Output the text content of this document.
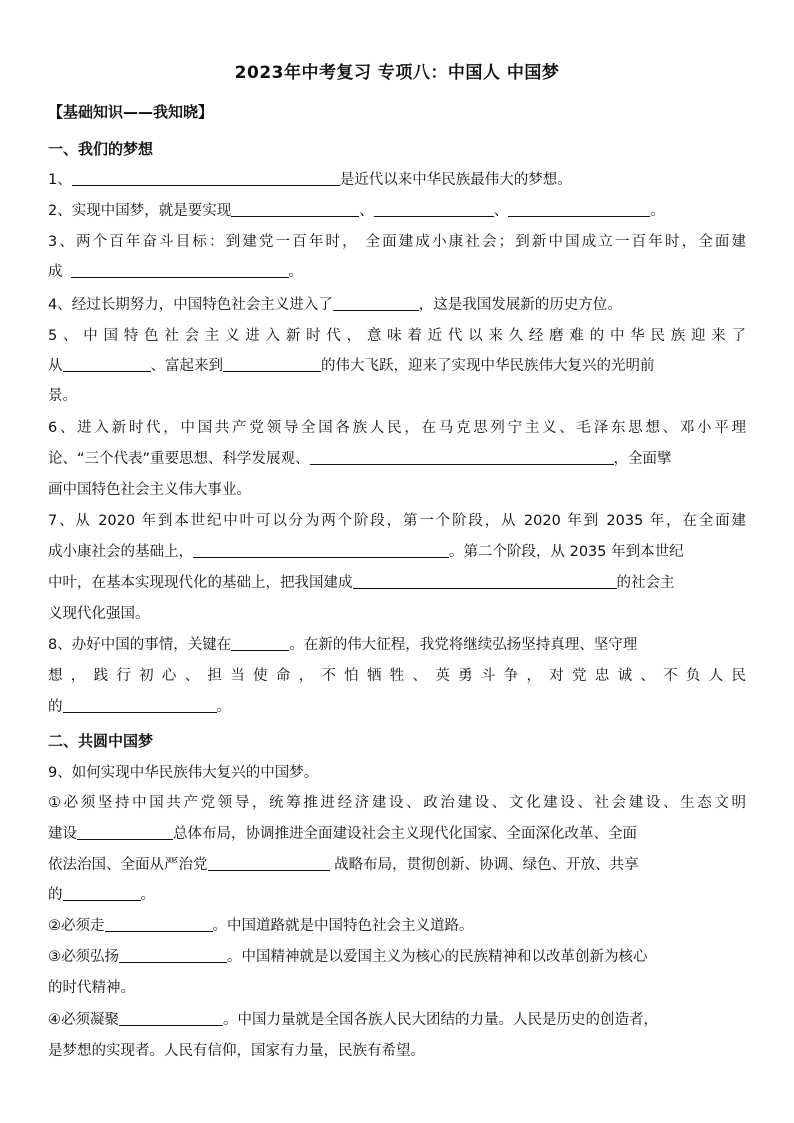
2023年中考复习 专项八：中国人 中国梦
【基础知识——我知晓】
一、我们的梦想
1、	是近代以来中华民族最伟大的梦想。
2、实现中国梦，就是要实现	、	、	。
3、两个百年奋斗目标：到建党一百年时， 全面建成小康社会；到新中国成立一百年时，全面建
成	。
4、经过长期努力，中国特色社会主义进入了	，这是我国发展新的历史方位。
5、中国特色社会主义进入新时代，意味着近代以来久经磨难的中华民族迎来了
从	、富起来到	的伟大飞跃，迎来了实现中华民族伟大复兴的光明前
景。
6、进入新时代，中国共产党领导全国各族人民，在马克思列宁主义、毛泽东思想、邓小平理
论、“三个代表”重要思想、科学发展观、	，全面擘
画中国特色社会主义伟大事业。
7、从 2020 年到本世纪中叶可以分为两个阶段，第一个阶段，从 2020 年到 2035 年，在全面建
成小康社会的基础上，	。第二个阶段，从 2035 年到本世纪
中叶，在基本实现现代化的基础上，把我国建成	的社会主
义现代化强国。
8、办好中国的事情，关键在	。在新的伟大征程，我党将继续弘扬坚持真理、坚守理
想，践行初心、担当使命，不怕牺牲、英勇斗争，对党忠诚、不负人民
的	。
二、共圆中国梦
9、如何实现中华民族伟大复兴的中国梦。
①必须坚持中国共产党领导，统筹推进经济建设、政治建设、文化建设、社会建设、生态文明
建设	总体布局，协调推进全面建设社会主义现代化国家、全面深化改革、全面
依法治国、全面从严治党	战略布局，贯彻创新、协调、绿色、开放、共享
的	。
②必须走	。中国道路就是中国特色社会主义道路。
③必须弘扬	。中国精神就是以爱国主义为核心的民族精神和以改革创新为核心
的时代精神。
④必须凝聚	。中国力量就是全国各族人民大团结的力量。人民是历史的创造者，
是梦想的实现者。人民有信仰，国家有力量，民族有希望。
